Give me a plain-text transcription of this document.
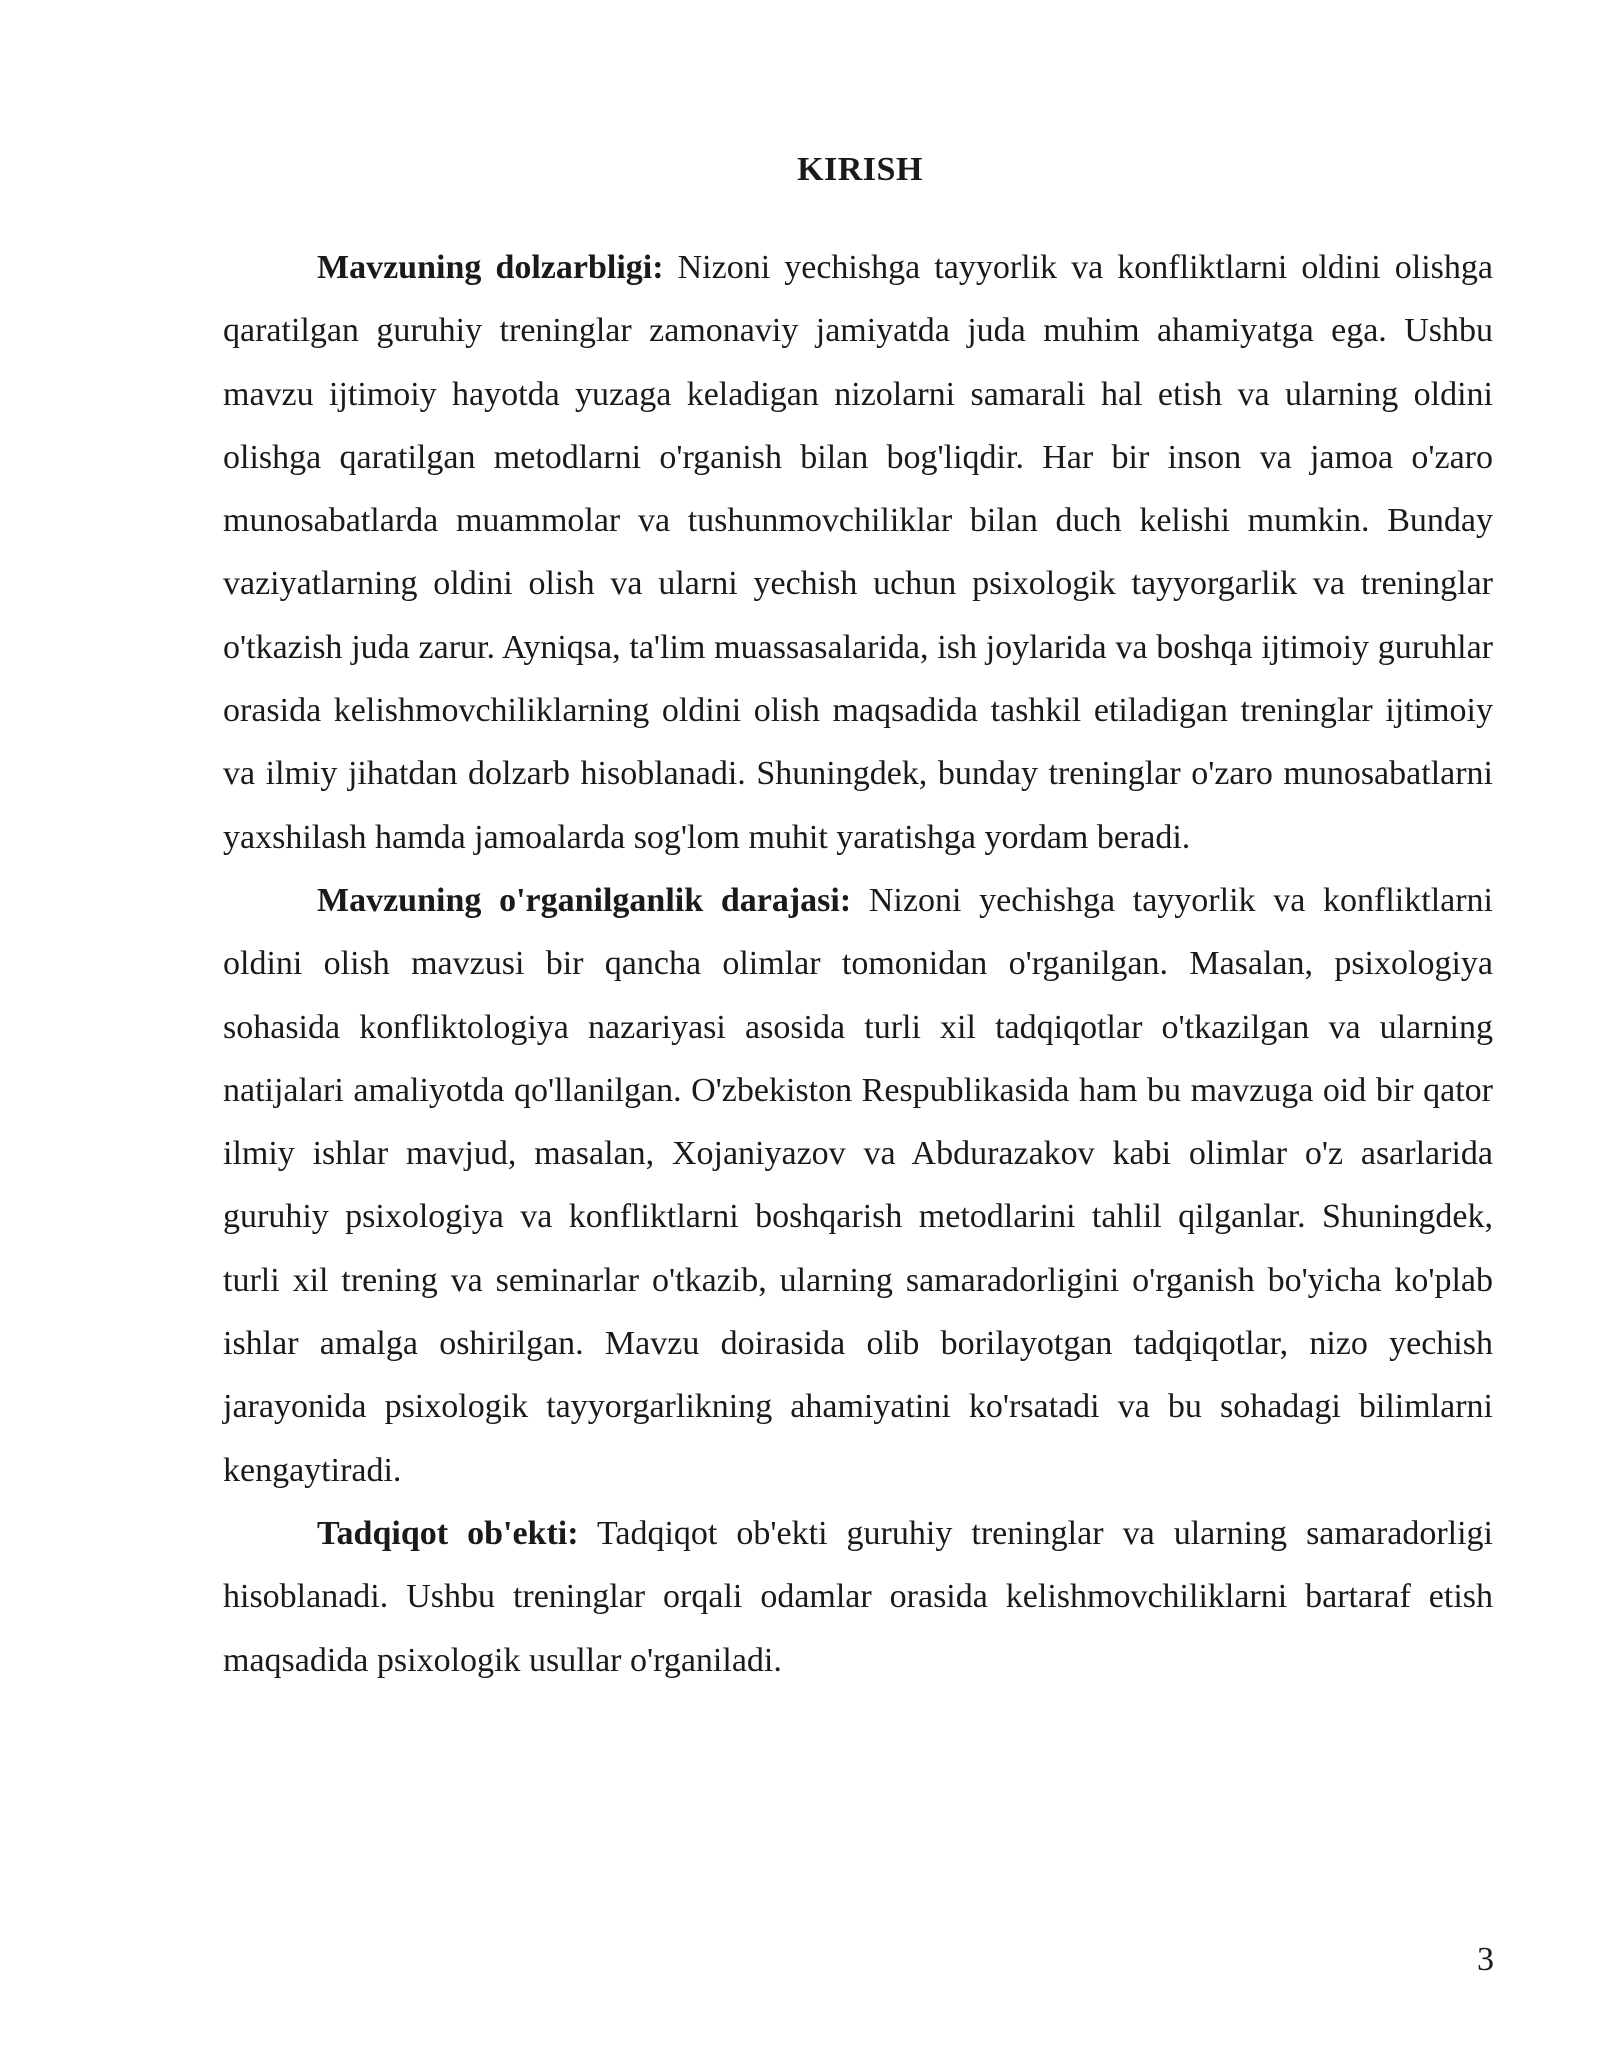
KIRISH

Mavzuning dolzarbligi: Nizoni yechishga tayyorlik va konfliktlarni oldini olishga qaratilgan guruhiy treninglar zamonaviy jamiyatda juda muhim ahamiyatga ega. Ushbu mavzu ijtimoiy hayotda yuzaga keladigan nizolarni samarali hal etish va ularning oldini olishga qaratilgan metodlarni o'rganish bilan bog'liqdir. Har bir inson va jamoa o'zaro munosabatlarda muammolar va tushunmovchiliklar bilan duch kelishi mumkin. Bunday vaziyatlarning oldini olish va ularni yechish uchun psixologik tayyorgarlik va treninglar o'tkazish juda zarur. Ayniqsa, ta'lim muassasalarida, ish joylarida va boshqa ijtimoiy guruhlar orasida kelishmovchiliklarning oldini olish maqsadida tashkil etiladigan treninglar ijtimoiy va ilmiy jihatdan dolzarb hisoblanadi. Shuningdek, bunday treninglar o'zaro munosabatlarni yaxshilash hamda jamoalarda sog'lom muhit yaratishga yordam beradi.

Mavzuning o'rganilganlik darajasi: Nizoni yechishga tayyorlik va konfliktlarni oldini olish mavzusi bir qancha olimlar tomonidan o'rganilgan. Masalan, psixologiya sohasida konfliktologiya nazariyasi asosida turli xil tadqiqotlar o'tkazilgan va ularning natijalari amaliyotda qo'llanilgan. O'zbekiston Respublikasida ham bu mavzuga oid bir qator ilmiy ishlar mavjud, masalan, Xojaniyazov va Abdurazakov kabi olimlar o'z asarlarida guruhiy psixologiya va konfliktlarni boshqarish metodlarini tahlil qilganlar. Shuningdek, turli xil trening va seminarlar o'tkazib, ularning samaradorligini o'rganish bo'yicha ko'plab ishlar amalga oshirilgan. Mavzu doirasida olib borilayotgan tadqiqotlar, nizo yechish jarayonida psixologik tayyorgarlikning ahamiyatini ko'rsatadi va bu sohadagi bilimlarni kengaytiradi.

Tadqiqot ob'ekti: Tadqiqot ob'ekti guruhiy treninglar va ularning samaradorligi hisoblanadi. Ushbu treninglar orqali odamlar orasida kelishmovchiliklarni bartaraf etish maqsadida psixologik usullar o'rganiladi.

3
